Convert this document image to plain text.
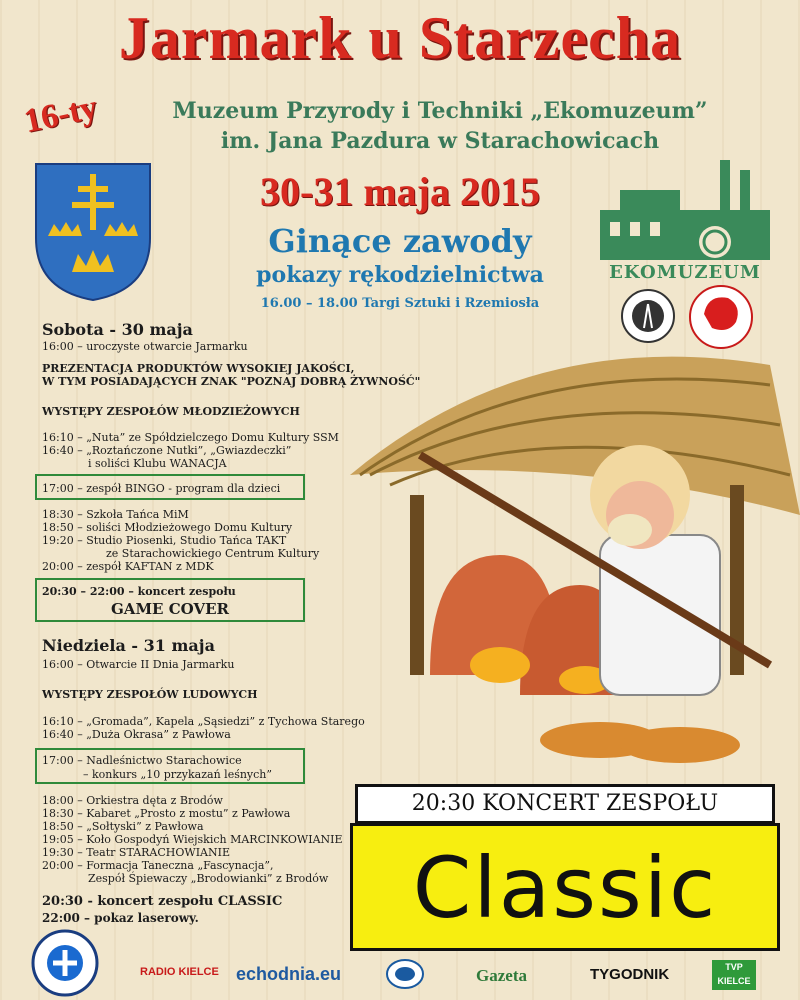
Jarmark u Starzecha
16-ty	Muzeum Przyrody i Techniki „Ekomuzeum”
im. Jana Pazdura w Starachowicach
30-31 maja 2015
Ginące zawody
pokazy rękodzielnictwa
16.00 – 18.00 Targi Sztuki i Rzemiosła
EKOMUZEUM
Sobota - 30 maja
16:00 – uroczyste otwarcie Jarmarku
PREZENTACJA PRODUKTÓW WYSOKIEJ JAKOŚCI,
W TYM POSIADAJĄCYCH ZNAK "POZNAJ DOBRĄ ŻYWNOŚĆ"
WYSTĘPY ZESPOŁÓW MŁODZIEŻOWYCH
16:10 – „Nuta” ze Spółdzielczego Domu Kultury SSM
16:40 – „Roztańczone Nutki”, „Gwiazdeczki”
i soliści Klubu WANACJA
17:00 – zespół BINGO - program dla dzieci
18:30 – Szkoła Tańca MiM
18:50 – soliści Młodzieżowego Domu Kultury
19:20 – Studio Piosenki, Studio Tańca TAKT
ze Starachowickiego Centrum Kultury
20:00 – zespół KAFTAN z MDK
20:30 – 22:00 – koncert zespołu
GAME COVER
Niedziela - 31 maja
16:00 – Otwarcie II Dnia Jarmarku
WYSTĘPY ZESPOŁÓW LUDOWYCH
16:10 – „Gromada”, Kapela „Sąsiedzi” z Tychowa Starego
16:40 – „Duża Okrasa” z Pawłowa
17:00 – Nadleśnictwo Starachowice
– konkurs „10 przykazań leśnych”
18:00 – Orkiestra dęta z Brodów
18:30 – Kabaret „Prosto z mostu” z Pawłowa
18:50 – „Sołtyski” z Pawłowa
19:05 – Koło Gospodyń Wiejskich MARCINKOWIANIE
19:30 – Teatr STARACHOWIANIE
20:00 – Formacja Taneczna „Fascynacja”,
Zespół Śpiewaczy „Brodowianki” z Brodów
20:30 - koncert zespołu CLASSIC
22:00 – pokaz laserowy.
20:30 KONCERT ZESPOŁU
Classic
RADIO KIELCE echodnia.eu	Gazeta	TYGODNIK	TVP KIELCE
